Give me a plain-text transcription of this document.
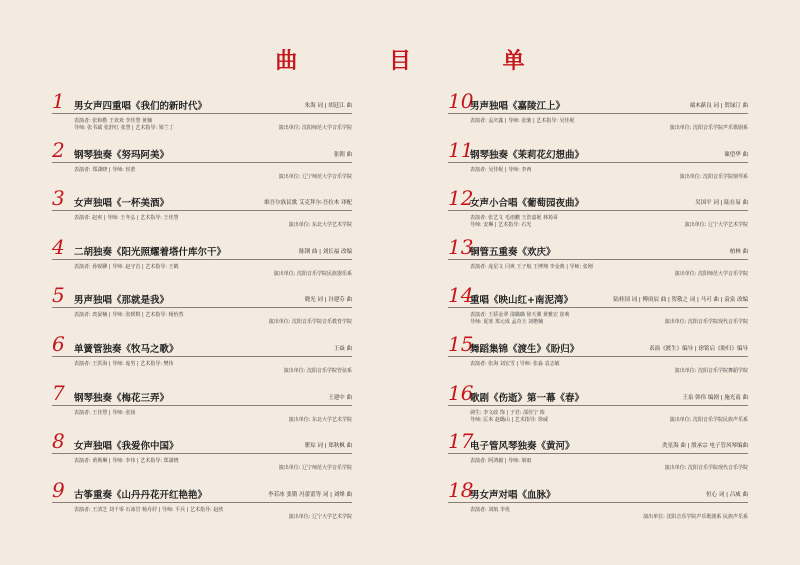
曲 目 单
1 男女声四重唱《我们的新时代》	朱海 词 | 胡廷江 曲
表演者: 张和勒 王欢欢 李佳慧 黄楠
导师: 张书斌 张舒红 张慧 | 艺术指导: 梁兰丁	演出单位: 沈阳师范大学音乐学院
2 钢琴独奏《努玛阿美》	张朝 曲
表演者: 郑潇晓 | 导师: 侯蕾
演出单位: 辽宁师范大学音乐学院
3 女声独唱《一杯美酒》	维吾尔族民歌 艾克拜尔·吾拉木 译配
表演者: 赵爽 | 导师: 王冬弘 | 艺术指导: 王佳慧
演出单位: 东北大学艺术学院
4 二胡独奏《阳光照耀着塔什库尔干》	陈钢 曲 | 刘长福 改编
表演者: 孙锐聊 | 导师: 赵守首 | 艺术指导: 王鹤
演出单位: 沈阳音乐学院民族器乐系
5 男声独唱《那就是我》	晓光 词 | 谷建芬 曲
表演者: 庹晏楠 | 导师: 张媛棋 | 艺术指导: 杨怡然
演出单位: 沈阳音乐学院音乐教育学院
6 单簧管独奏《牧马之歌》	王焱 曲
表演者: 王洪海 | 导师: 庞男 | 艺术指导: 樊伟
演出单位: 沈阳音乐学院管弦系
7 钢琴独奏《梅花三弄》	王建中 曲
表演者: 王佳慧 | 导师: 张扬
演出单位: 东北大学艺术学院
8 女声独唱《我爱你中国》	瞿琮 词 | 郑秋枫 曲
表演者: 黄斯琳 | 导师: 李伟 | 艺术指导: 郑潇晓
演出单位: 辽宁师范大学音乐学院
9 古筝重奏《山丹丹花开红艳艳》	李若冰 张锵 冯蕾蕾等 词 | 刘烽 曲
表演者: 王清芝 刘千零 石冰岩 杨丹妤 | 导师: 平兵 | 艺术指导: 赵欣
演出单位: 辽宁大学艺术学院
10
男声独唱《嘉陵江上》	端木蕻良 词 | 贺绿汀 曲
表演者: 孟庆鑫 | 导师: 张驰 | 艺术指导: 吴佳妮
演出单位: 沈阳音乐学院声乐歌剧系
11
钢琴独奏《茉莉花幻想曲》	储望华 曲
表演者: 吴佳妮 | 导师: 李西
演出单位: 沈阳音乐学院钢琴系
12
女声小合唱《葡萄园夜曲》	吴国平 词 | 陆在易 曲
表演者: 张艺文 毛雨鹏 王浩嘉妮 林筠哥
导师: 安琳 | 艺术指导: 石光	演出单位: 辽宁大学艺术学院
13
铜管五重奏《欢庆》	柏林 曲
表演者: 庞星文 闫爽 王子航 王博翔 李金典 | 导师: 张刚
演出单位: 沈阳师范大学音乐学院
14
重唱《映山红+南泥湾》	陆桂国 词 | 傅庚辰 曲 | 贺敬之 词 | 马可 曲 | 袁泉 改编
表演者: 王骄金翠 邵璐璐 徐天翼 黄雅宏 崔莉
导师: 夏寒 郑元成 孟奇玉 刘楷楠	演出单位: 沈阳音乐学院现代音乐学院
15
舞蹈集锦《渡生》《盼归》	表演《渡生》编导 | 徐铭启《盼归》编导
表演者: 张海 刘宏雪 | 导师: 张淼 袁志敏
演出单位: 沈阳音乐学院舞蹈学院
16
歌剧《伤逝》第一幕《春》	王泉 韩伟 编剧 | 施光南 曲
调生: 李文政 饰 | 子君: 邵佳宁 饰
导师: 匡米 赵璐山 | 艺术指导: 徐威	演出单位: 沈阳音乐学院民族声乐系
17
电子管风琴独奏《黄河》	冼星海 曲 | 殷承宗 电子管风琴编曲
表演者: 阿鸿毅 | 导师: 梁雨
演出单位: 沈阳音乐学院现代音乐学院
18
男女声对唱《血脉》	恒心 词 | 吕威 曲
表演者: 刘航 李优
演出单位: 沈阳音乐学院声乐歌剧系 民族声乐系
